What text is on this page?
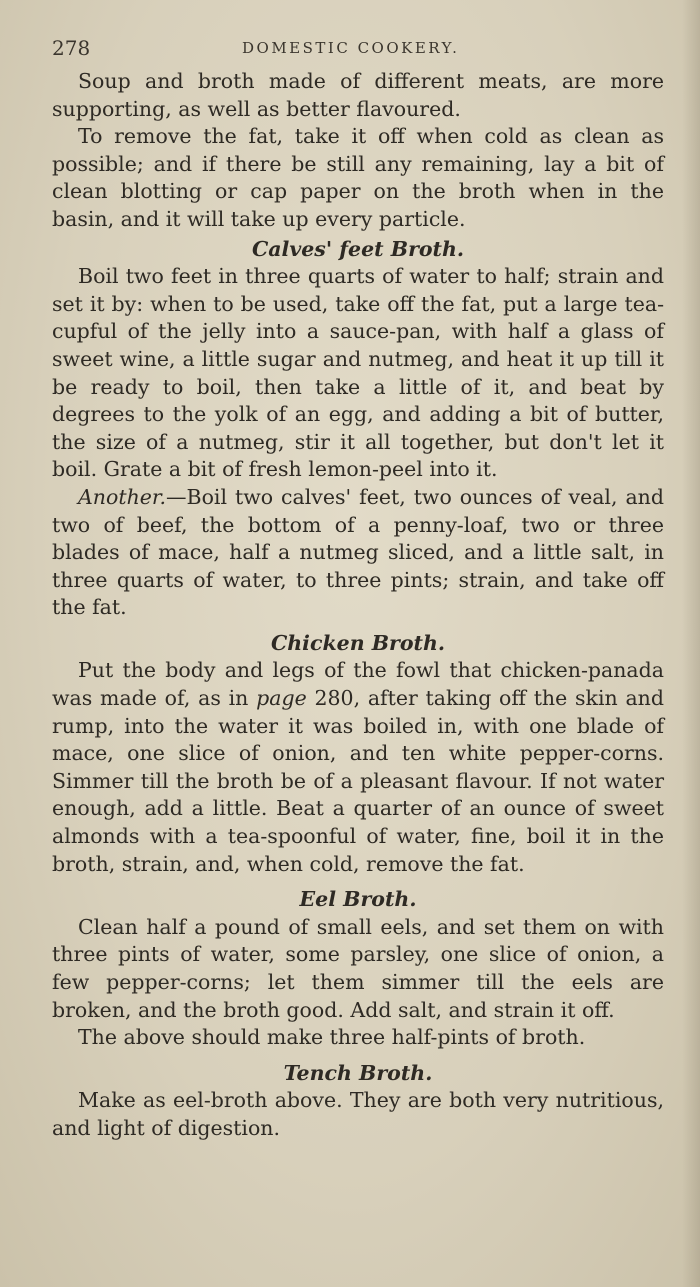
278	DOMESTIC COOKERY.

Soup and broth made of different meats, are more supporting, as well as better flavoured.

To remove the fat, take it off when cold as clean as possible; and if there be still any remaining, lay a bit of clean blotting or cap paper on the broth when in the basin, and it will take up every particle.

Calves' feet Broth.

Boil two feet in three quarts of water to half; strain and set it by: when to be used, take off the fat, put a large tea-cupful of the jelly into a sauce-pan, with half a glass of sweet wine, a little sugar and nutmeg, and heat it up till it be ready to boil, then take a little of it, and beat by degrees to the yolk of an egg, and adding a bit of butter, the size of a nutmeg, stir it all together, but don't let it boil. Grate a bit of fresh lemon-peel into it.

Another.—Boil two calves' feet, two ounces of veal, and two of beef, the bottom of a penny-loaf, two or three blades of mace, half a nutmeg sliced, and a little salt, in three quarts of water, to three pints; strain, and take off the fat.

Chicken Broth.

Put the body and legs of the fowl that chicken-panada was made of, as in page 280, after taking off the skin and rump, into the water it was boiled in, with one blade of mace, one slice of onion, and ten white pepper-corns. Simmer till the broth be of a pleasant flavour. If not water enough, add a little. Beat a quarter of an ounce of sweet almonds with a tea-spoonful of water, fine, boil it in the broth, strain, and, when cold, remove the fat.

Eel Broth.

Clean half a pound of small eels, and set them on with three pints of water, some parsley, one slice of onion, a few pepper-corns; let them simmer till the eels are broken, and the broth good. Add salt, and strain it off.

The above should make three half-pints of broth.

Tench Broth.

Make as eel-broth above. They are both very nutritious, and light of digestion.
